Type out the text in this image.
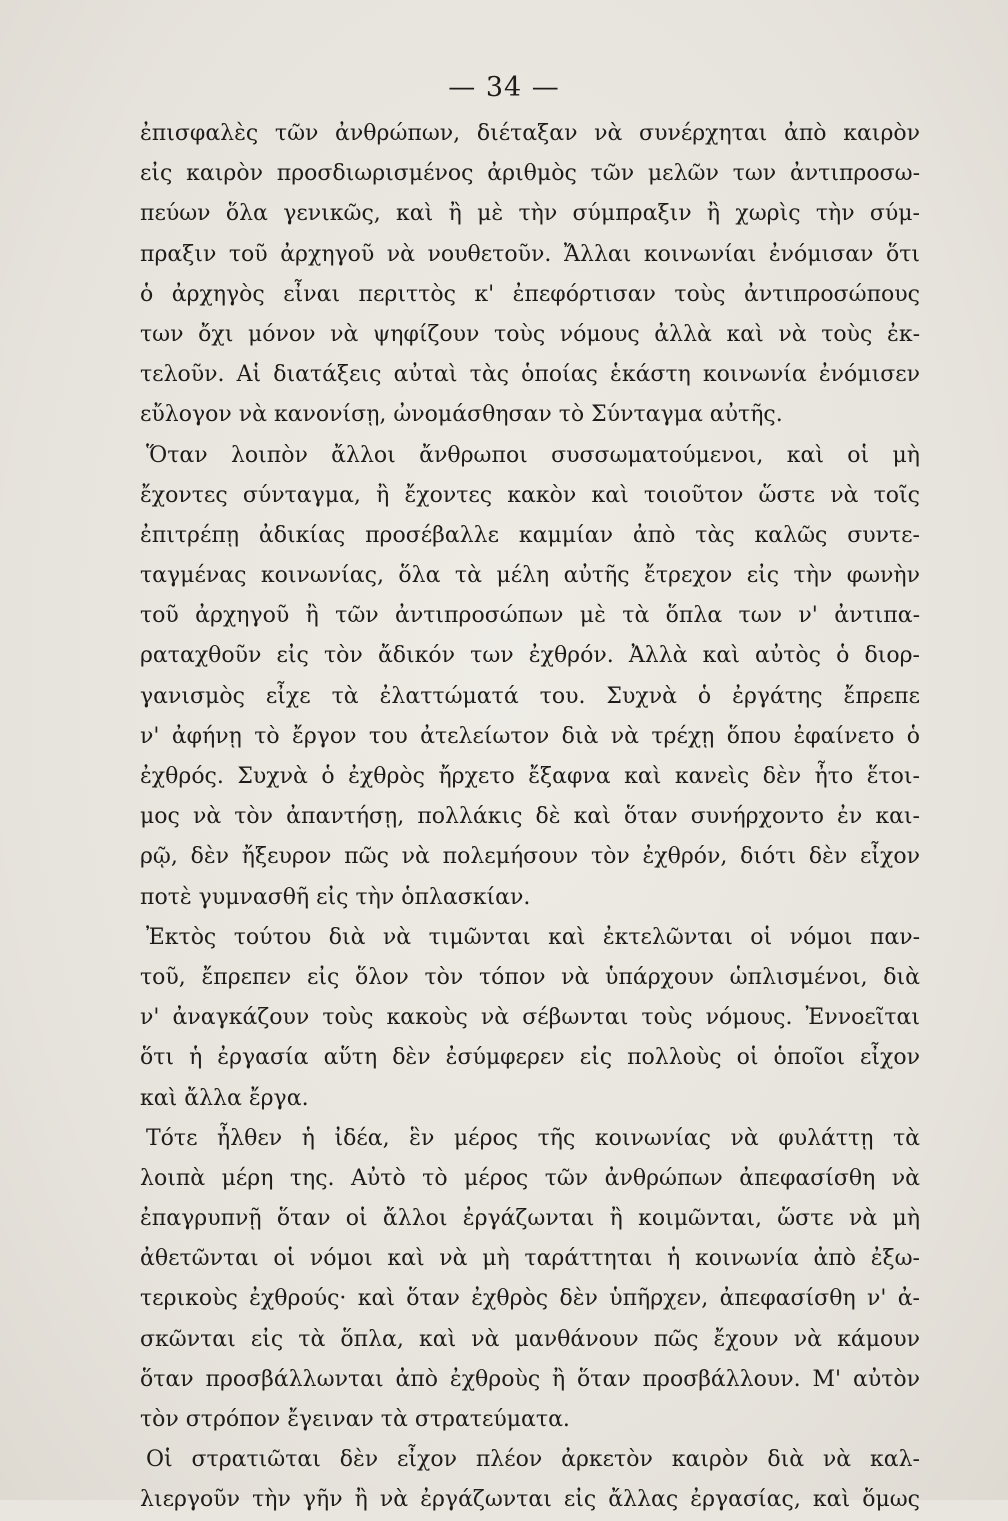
— 34 —
ἐπισφαλὲς τῶν ἀνθρώπων, διέταξαν νὰ συνέρχηται ἀπὸ καιρὸν
εἰς καιρὸν προσδιωρισμένος ἀριθμὸς τῶν μελῶν των ἀντιπροσω-
πεύων ὅλα γενικῶς, καὶ ἢ μὲ τὴν σύμπραξιν ἢ χωρὶς τὴν σύμ-
πραξιν τοῦ ἀρχηγοῦ νὰ νουθετοῦν. Ἄλλαι κοινωνίαι ἐνόμισαν ὅτι
ὁ ἀρχηγὸς εἶναι περιττὸς κ' ἐπεφόρτισαν τοὺς ἀντιπροσώπους
των ὄχι μόνον νὰ ψηφίζουν τοὺς νόμους ἀλλὰ καὶ νὰ τοὺς ἐκ-
τελοῦν. Αἱ διατάξεις αὐταὶ τὰς ὁποίας ἑκάστη κοινωνία ἐνόμισεν
εὔλογον νὰ κανονίσῃ, ὠνομάσθησαν τὸ Σύνταγμα αὐτῆς.
Ὅταν λοιπὸν ἄλλοι ἄνθρωποι συσσωματούμενοι, καὶ οἱ μὴ
ἔχοντες σύνταγμα, ἢ ἔχοντες κακὸν καὶ τοιοῦτον ὥστε νὰ τοῖς
ἐπιτρέπῃ ἀδικίας προσέβαλλε καμμίαν ἀπὸ τὰς καλῶς συντε-
ταγμένας κοινωνίας, ὅλα τὰ μέλη αὐτῆς ἔτρεχον εἰς τὴν φωνὴν
τοῦ ἀρχηγοῦ ἢ τῶν ἀντιπροσώπων μὲ τὰ ὅπλα των ν' ἀντιπα-
ραταχθοῦν εἰς τὸν ἄδικόν των ἐχθρόν. Ἀλλὰ καὶ αὐτὸς ὁ διορ-
γανισμὸς εἶχε τὰ ἐλαττώματά του. Συχνὰ ὁ ἐργάτης ἔπρεπε
ν' ἀφήνῃ τὸ ἔργον του ἀτελείωτον διὰ νὰ τρέχῃ ὅπου ἐφαίνετο ὁ
ἐχθρός. Συχνὰ ὁ ἐχθρὸς ἤρχετο ἔξαφνα καὶ κανεὶς δὲν ἦτο ἕτοι-
μος νὰ τὸν ἀπαντήσῃ, πολλάκις δὲ καὶ ὅταν συνήρχοντο ἐν και-
ρῷ, δὲν ἤξευρον πῶς νὰ πολεμήσουν τὸν ἐχθρόν, διότι δὲν εἶχον
ποτὲ γυμνασθῆ εἰς τὴν ὁπλασκίαν.
Ἐκτὸς τούτου διὰ νὰ τιμῶνται καὶ ἐκτελῶνται οἱ νόμοι παν-
τοῦ, ἔπρεπεν εἰς ὅλον τὸν τόπον νὰ ὑπάρχουν ὡπλισμένοι, διὰ
ν' ἀναγκάζουν τοὺς κακοὺς νὰ σέβωνται τοὺς νόμους. Ἐννοεῖται
ὅτι ἡ ἐργασία αὕτη δὲν ἐσύμφερεν εἰς πολλοὺς οἱ ὁποῖοι εἶχον
καὶ ἄλλα ἔργα.
Τότε ἦλθεν ἡ ἰδέα, ἓν μέρος τῆς κοινωνίας νὰ φυλάττῃ τὰ
λοιπὰ μέρη της. Αὐτὸ τὸ μέρος τῶν ἀνθρώπων ἀπεφασίσθη νὰ
ἐπαγρυπνῇ ὅταν οἱ ἄλλοι ἐργάζωνται ἢ κοιμῶνται, ὥστε νὰ μὴ
ἀθετῶνται οἱ νόμοι καὶ νὰ μὴ ταράττηται ἡ κοινωνία ἀπὸ ἐξω-
τερικοὺς ἐχθρούς· καὶ ὅταν ἐχθρὸς δὲν ὑπῆρχεν, ἀπεφασίσθη ν' ἀ-
σκῶνται εἰς τὰ ὅπλα, καὶ νὰ μανθάνουν πῶς ἔχουν νὰ κάμουν
ὅταν προσβάλλωνται ἀπὸ ἐχθροὺς ἢ ὅταν προσβάλλουν. Μ' αὐτὸν
τὸν στρόπον ἔγειναν τὰ στρατεύματα.
Οἱ στρατιῶται δὲν εἶχον πλέον ἀρκετὸν καιρὸν διὰ νὰ καλ-
λιεργοῦν τὴν γῆν ἢ νὰ ἐργάζωνται εἰς ἄλλας ἐργασίας, καὶ ὅμως
